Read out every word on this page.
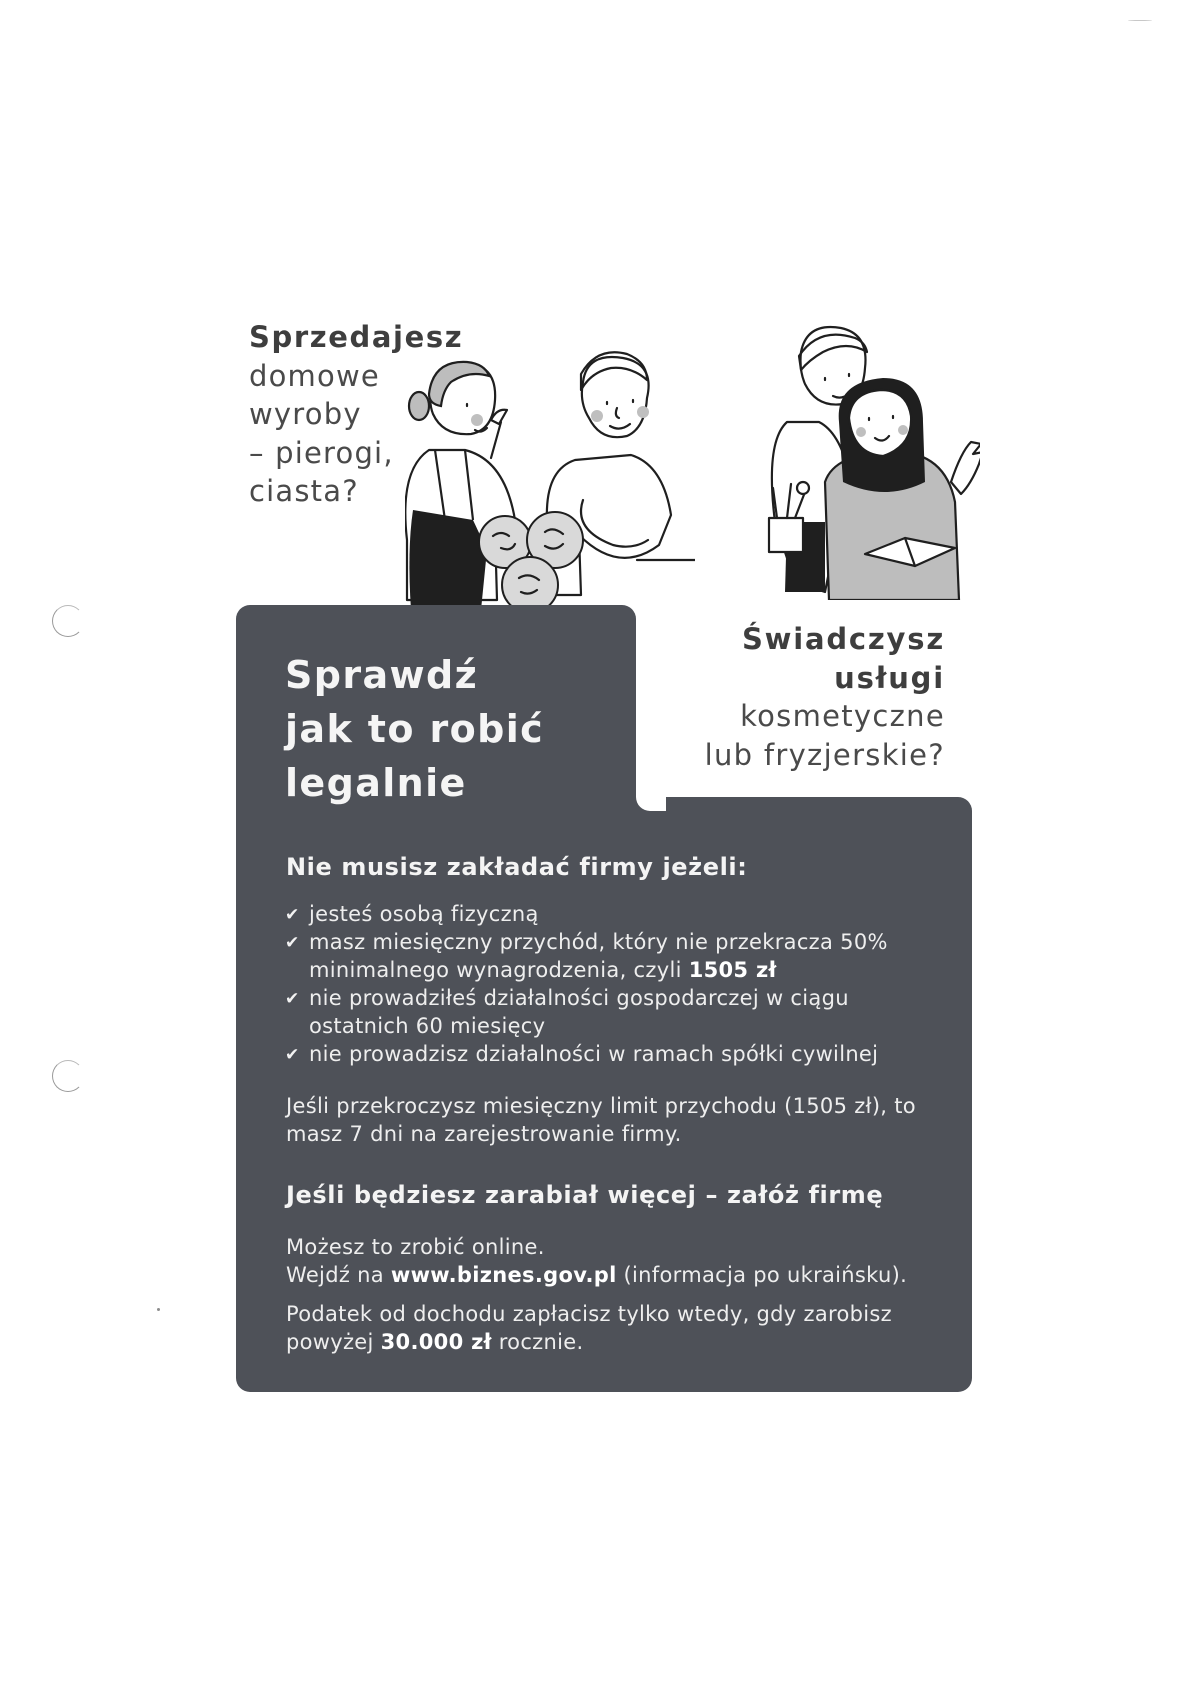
Sprzedajesz
domowe
wyroby
– pierogi,
ciasta?
Świadczysz
usługi
kosmetyczne
lub fryzjerskie?
Sprawdź
jak to robić
legalnie
Nie musisz zakładać firmy jeżeli:
✔ jesteś osobą fizyczną
✔ masz miesięczny przychód, który nie przekracza 50% minimalnego wynagrodzenia, czyli 1505 zł
✔ nie prowadziłeś działalności gospodarczej w ciągu ostatnich 60 miesięcy
✔ nie prowadzisz działalności w ramach spółki cywilnej
Jeśli przekroczysz miesięczny limit przychodu (1505 zł), to masz 7 dni na zarejestrowanie firmy.
Jeśli będziesz zarabiał więcej – załóż firmę
Możesz to zrobić online.
Wejdź na www.biznes.gov.pl (informacja po ukraińsku).
Podatek od dochodu zapłacisz tylko wtedy, gdy zarobisz powyżej 30.000 zł rocznie.
